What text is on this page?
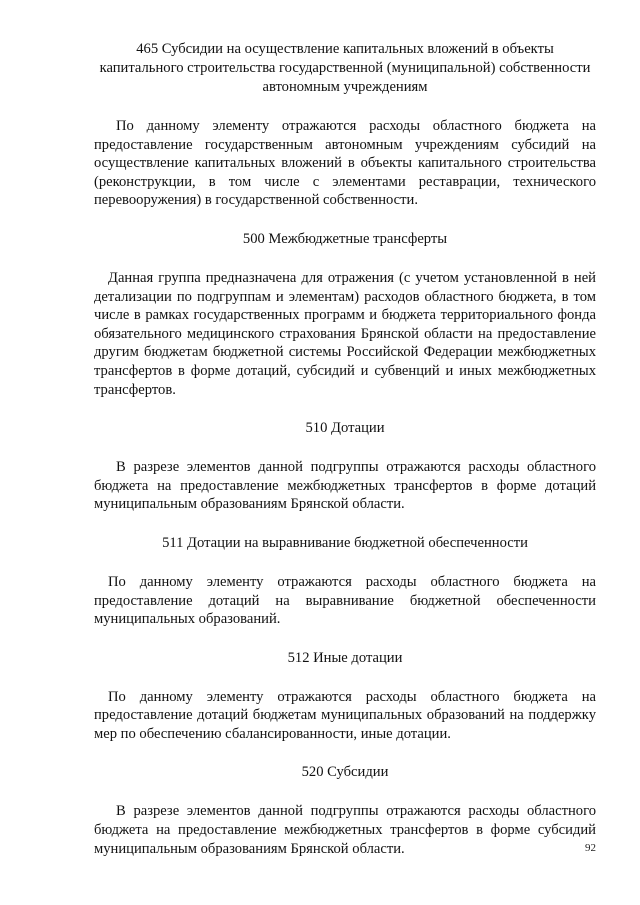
465 Субсидии на осуществление капитальных вложений в объекты
капитального строительства государственной (муниципальной) собственности
автономным учреждениям

По данному элементу отражаются расходы областного бюджета на предоставление государственным автономным учреждениям субсидий на осуществление капитальных вложений в объекты капитального строительства (реконструкции, в том числе с элементами реставрации, технического перевооружения) в государственной собственности.

500 Межбюджетные трансферты

Данная группа предназначена для отражения (с учетом установленной в ней детализации по подгруппам и элементам) расходов областного бюджета, в том числе в рамках государственных программ и бюджета территориального фонда обязательного медицинского страхования Брянской области на предоставление другим бюджетам бюджетной системы Российской Федерации межбюджетных трансфертов в форме дотаций, субсидий и субвенций и иных межбюджетных трансфертов.

510 Дотации

В разрезе элементов данной подгруппы отражаются расходы областного бюджета на предоставление межбюджетных трансфертов в форме дотаций муниципальным образованиям Брянской области.

511 Дотации на выравнивание бюджетной обеспеченности

По данному элементу отражаются расходы областного бюджета на предоставление дотаций на выравнивание бюджетной обеспеченности муниципальных образований.

512 Иные дотации

По данному элементу отражаются расходы областного бюджета на предоставление дотаций бюджетам муниципальных образований на поддержку мер по обеспечению сбалансированности, иные дотации.

520 Субсидии

В разрезе элементов данной подгруппы отражаются расходы областного бюджета на предоставление межбюджетных трансфертов в форме субсидий муниципальным образованиям Брянской области.	92
